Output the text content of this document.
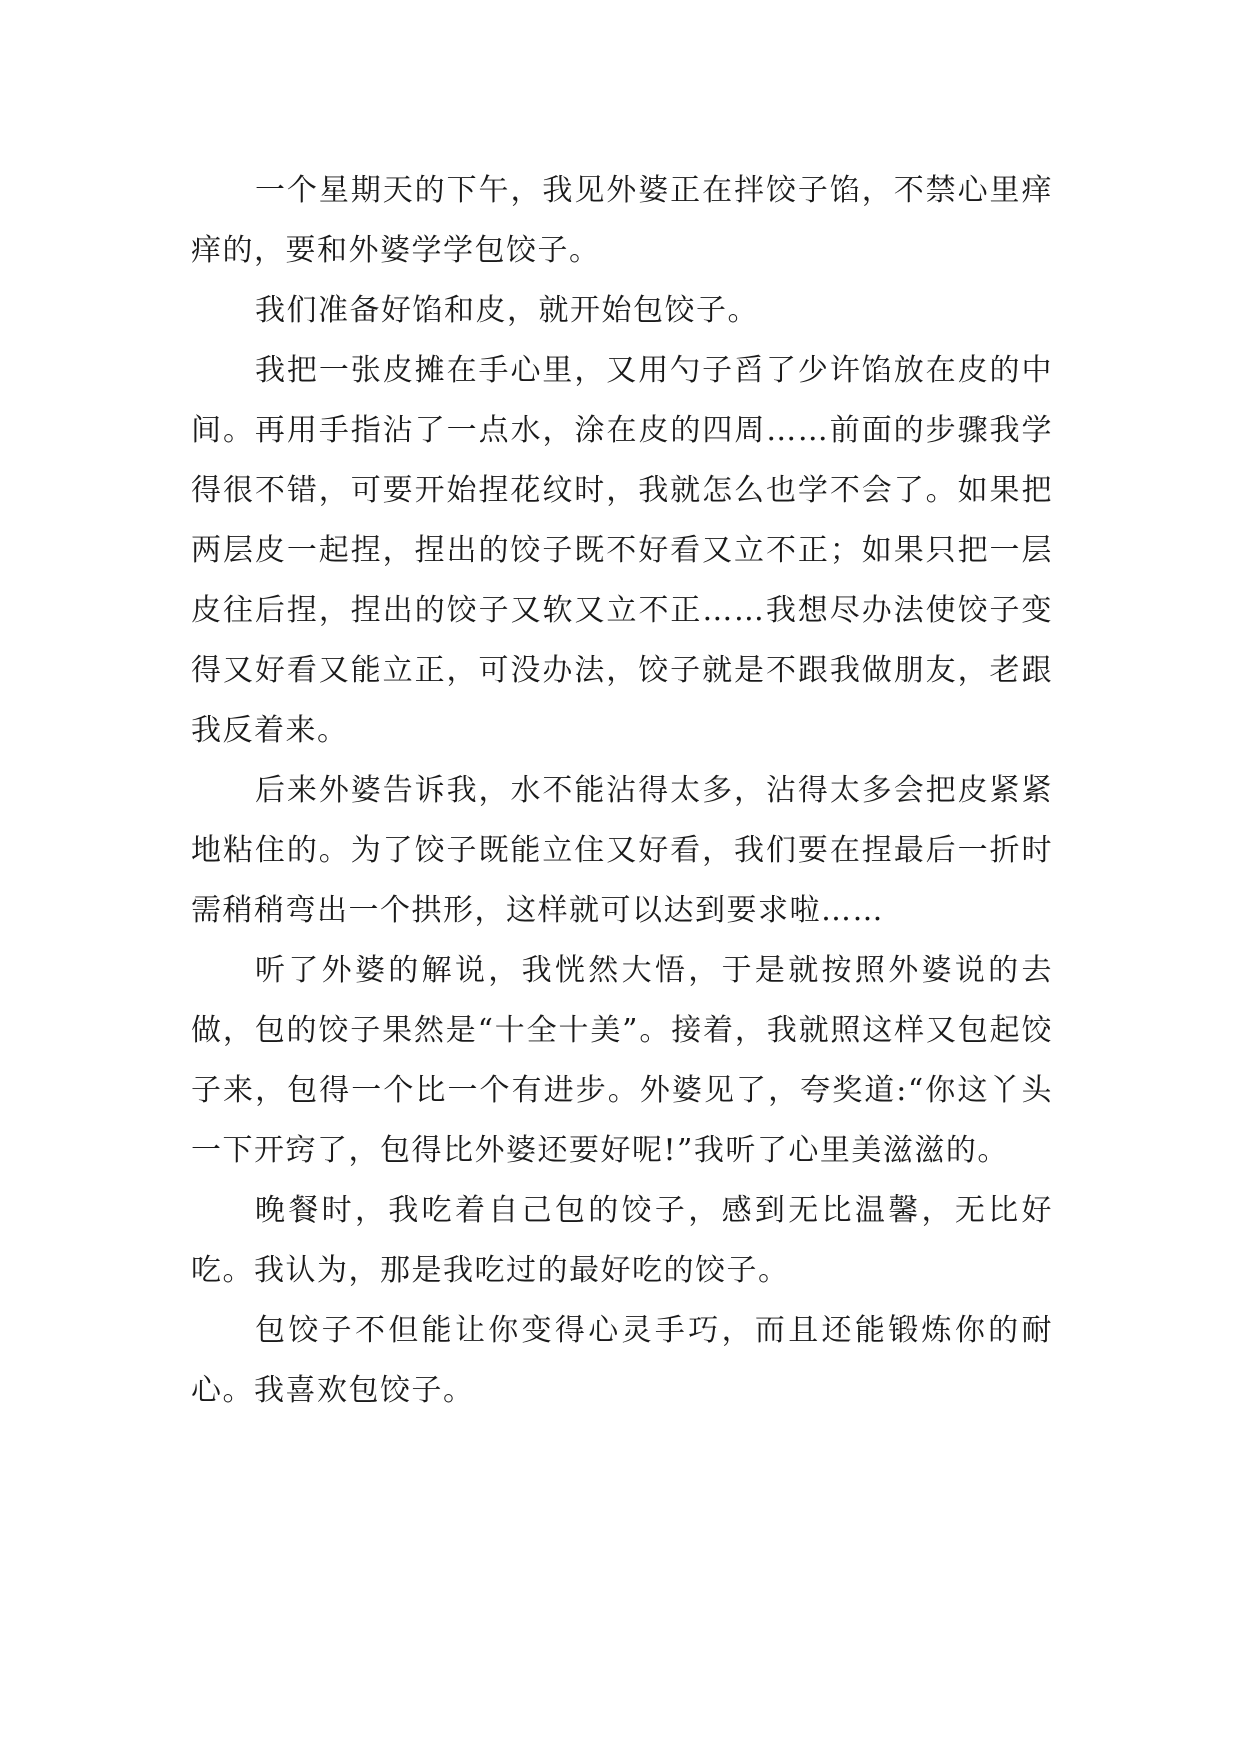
一个星期天的下午，我见外婆正在拌饺子馅，不禁心里痒痒的，要和外婆学学包饺子。

我们准备好馅和皮，就开始包饺子。

我把一张皮摊在手心里，又用勺子舀了少许馅放在皮的中间。再用手指沾了一点水，涂在皮的四周……前面的步骤我学得很不错，可要开始捏花纹时，我就怎么也学不会了。如果把两层皮一起捏，捏出的饺子既不好看又立不正；如果只把一层皮往后捏，捏出的饺子又软又立不正……我想尽办法使饺子变得又好看又能立正，可没办法，饺子就是不跟我做朋友，老跟我反着来。

后来外婆告诉我，水不能沾得太多，沾得太多会把皮紧紧地粘住的。为了饺子既能立住又好看，我们要在捏最后一折时需稍稍弯出一个拱形，这样就可以达到要求啦……

听了外婆的解说，我恍然大悟，于是就按照外婆说的去做，包的饺子果然是“十全十美”。接着，我就照这样又包起饺子来，包得一个比一个有进步。外婆见了，夸奖道:“你这丫头一下开窍了，包得比外婆还要好呢!”我听了心里美滋滋的。

晚餐时，我吃着自己包的饺子，感到无比温馨，无比好吃。我认为，那是我吃过的最好吃的饺子。

包饺子不但能让你变得心灵手巧，而且还能锻炼你的耐心。我喜欢包饺子。
